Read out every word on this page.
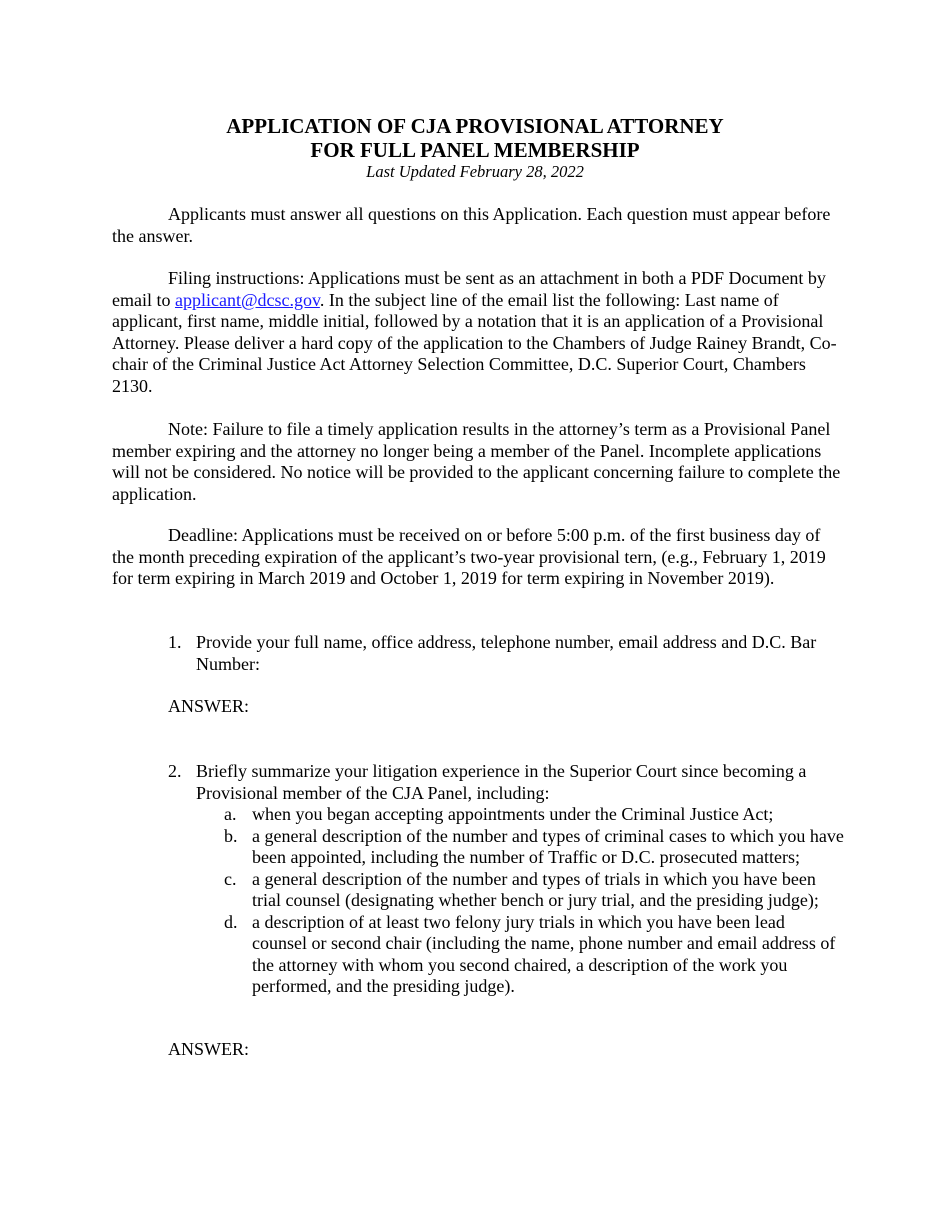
APPLICATION OF CJA PROVISIONAL ATTORNEY

FOR FULL PANEL MEMBERSHIP

Last Updated February 28, 2022

Applicants must answer all questions on this Application. Each question must appear before the answer.

Filing instructions: Applications must be sent as an attachment in both a PDF Document by email to applicant@dcsc.gov. In the subject line of the email list the following: Last name of applicant, first name, middle initial, followed by a notation that it is an application of a Provisional Attorney. Please deliver a hard copy of the application to the Chambers of Judge Rainey Brandt, Co-chair of the Criminal Justice Act Attorney Selection Committee, D.C. Superior Court, Chambers 2130.

Note: Failure to file a timely application results in the attorney’s term as a Provisional Panel member expiring and the attorney no longer being a member of the Panel. Incomplete applications will not be considered. No notice will be provided to the applicant concerning failure to complete the application.

Deadline: Applications must be received on or before 5:00 p.m. of the first business day of the month preceding expiration of the applicant’s two-year provisional tern, (e.g., February 1, 2019 for term expiring in March 2019 and October 1, 2019 for term expiring in November 2019).

1. Provide your full name, office address, telephone number, email address and D.C. Bar Number:

ANSWER:

2. Briefly summarize your litigation experience in the Superior Court since becoming a Provisional member of the CJA Panel, including:
a. when you began accepting appointments under the Criminal Justice Act;
b. a general description of the number and types of criminal cases to which you have been appointed, including the number of Traffic or D.C. prosecuted matters;
c. a general description of the number and types of trials in which you have been trial counsel (designating whether bench or jury trial, and the presiding judge);
d. a description of at least two felony jury trials in which you have been lead counsel or second chair (including the name, phone number and email address of the attorney with whom you second chaired, a description of the work you performed, and the presiding judge).

ANSWER:
